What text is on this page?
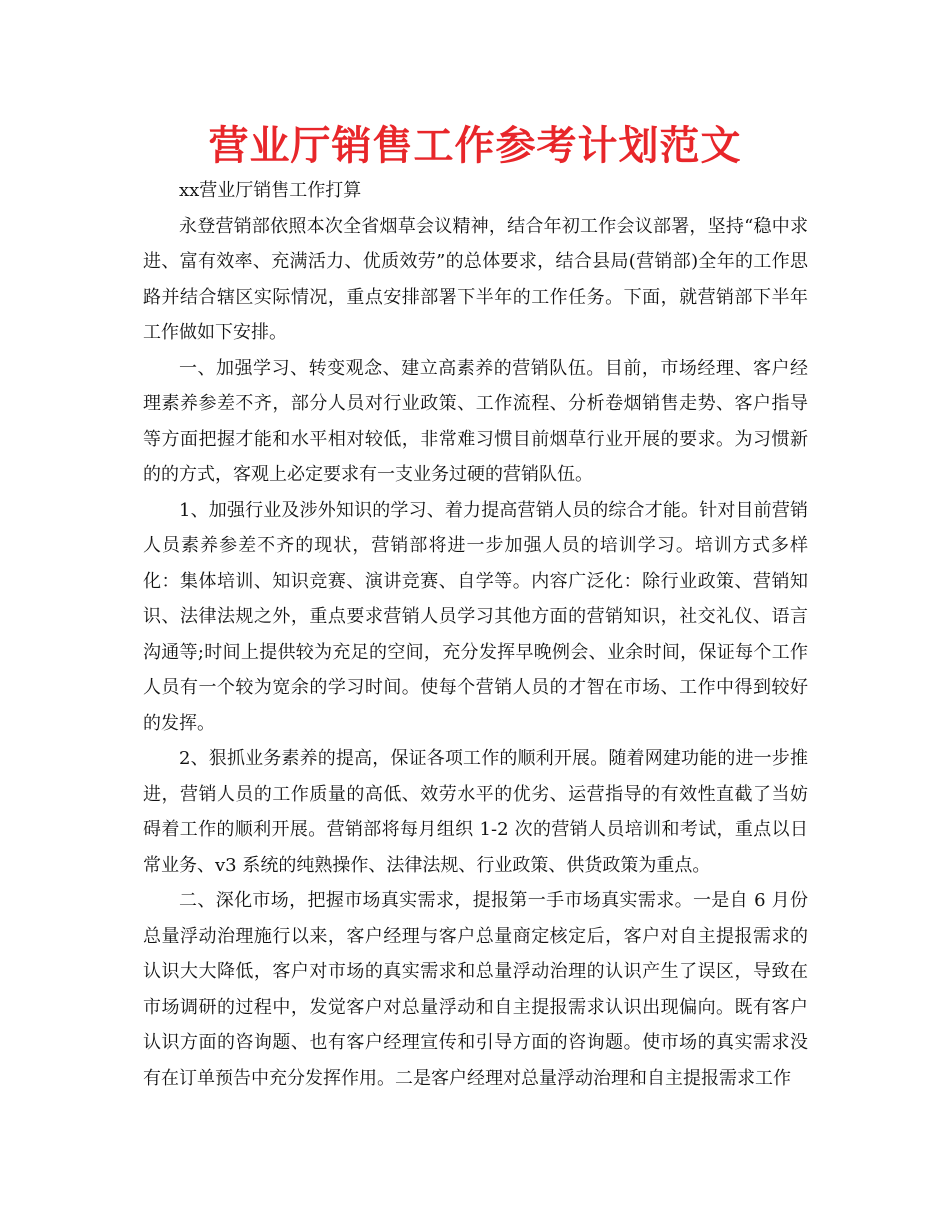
营业厅销售工作参考计划范文

xx营业厅销售工作打算

永登营销部依照本次全省烟草会议精神，结合年初工作会议部署，坚持“稳中求进、富有效率、充满活力、优质效劳”的总体要求，结合县局(营销部)全年的工作思路并结合辖区实际情况，重点安排部署下半年的工作任务。下面，就营销部下半年工作做如下安排。

一、加强学习、转变观念、建立高素养的营销队伍。目前，市场经理、客户经理素养参差不齐，部分人员对行业政策、工作流程、分析卷烟销售走势、客户指导等方面把握才能和水平相对较低，非常难习惯目前烟草行业开展的要求。为习惯新的的方式，客观上必定要求有一支业务过硬的营销队伍。

1、加强行业及涉外知识的学习、着力提高营销人员的综合才能。针对目前营销人员素养参差不齐的现状，营销部将进一步加强人员的培训学习。培训方式多样化：集体培训、知识竞赛、演讲竞赛、自学等。内容广泛化：除行业政策、营销知识、法律法规之外，重点要求营销人员学习其他方面的营销知识，社交礼仪、语言沟通等;时间上提供较为充足的空间，充分发挥早晚例会、业余时间，保证每个工作人员有一个较为宽余的学习时间。使每个营销人员的才智在市场、工作中得到较好的发挥。

2、狠抓业务素养的提高，保证各项工作的顺利开展。随着网建功能的进一步推进，营销人员的工作质量的高低、效劳水平的优劣、运营指导的有效性直截了当妨碍着工作的顺利开展。营销部将每月组织 1-2 次的营销人员培训和考试，重点以日常业务、v3 系统的纯熟操作、法律法规、行业政策、供货政策为重点。

二、深化市场，把握市场真实需求，提报第一手市场真实需求。一是自 6 月份总量浮动治理施行以来，客户经理与客户总量商定核定后，客户对自主提报需求的认识大大降低，客户对市场的真实需求和总量浮动治理的认识产生了误区，导致在市场调研的过程中，发觉客户对总量浮动和自主提报需求认识出现偏向。既有客户认识方面的咨询题、也有客户经理宣传和引导方面的咨询题。使市场的真实需求没有在订单预告中充分发挥作用。二是客户经理对总量浮动治理和自主提报需求工作
